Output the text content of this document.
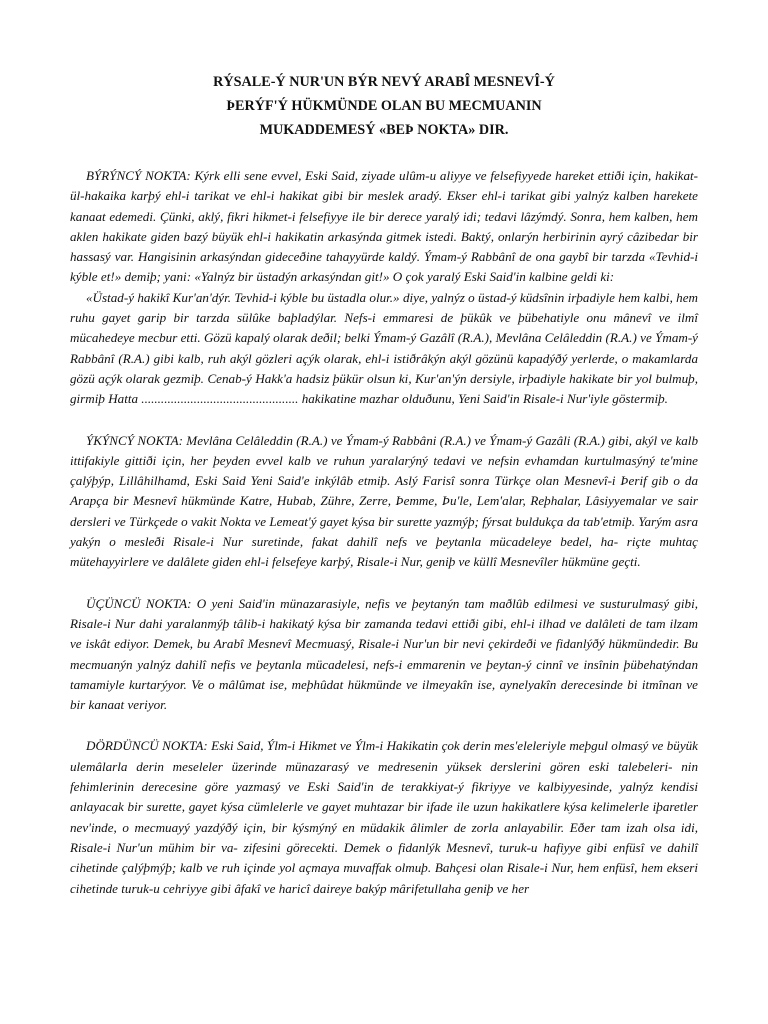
RÝSALE-Ý NUR'UN BÝR NEVÝ ARABÎ MESNEVÎ-Ý
ÞERÝF'Ý HÜKMÜNDE OLAN BU MECMUANIN
MUKADDEMESÝ «BEÞ NOKTA» DIR.

BÝRÝNCÝ NOKTA: Kýrk elli sene evvel, Eski Said, ziyade ulûm-u aliyye ve felsefiyyede hareket ettiði için, hakikat-ül-hakaika karþý ehl-i tarikat ve ehl-i hakikat gibi bir meslek aradý. Ekser ehl-i tarikat gibi yalnýz kalben harekete kanaat edemedi. Çünki, aklý, fikri hikmet-i felsefiyye ile bir derece yaralý idi; tedavi lâzýmdý. Sonra, hem kalben, hem aklen hakikate giden bazý büyük ehl-i hakikatin arkasýnda gitmek istedi. Baktý, onlarýn herbirinin ayrý câzibedar bir hassasý var. Hangisinin arkasýndan gideceðine tahayyürde kaldý. Ýmam-ý Rabbânî de ona gaybî bir tarzda «Tevhid-i kýble et!» demiþ; yani: «Yalnýz bir üstadýn arkasýndan git!» O çok yaralý Eski Said'in kalbine geldi ki:

«Üstad-ý hakikî Kur'an'dýr. Tevhid-i kýble bu üstadla olur.» diye, yalnýz o üstad-ý küdsînin irþadiyle hem kalbi, hem ruhu gayet garip bir tarzda sülûke baþladýlar. Nefs-i emmaresi de þükûk ve þübehatiyle onu mânevî ve ilmî mücahedeye mecbur etti. Gözü kapalý olarak deðil; belki Ýmam-ý Gazâlî (R.A.), Mevlâna Celâleddin (R.A.) ve Ýmam-ý Rabbânî (R.A.) gibi kalb, ruh akýl gözleri açýk olarak, ehl-i istiðrâkýn akýl gözünü kapadýðý yerlerde, o makamlarda gözü açýk olarak gezmiþ. Cenab-ý Hakk'a hadsiz þükür olsun ki, Kur'an'ýn dersiyle, irþadiyle hakikate bir yol bulmuþ, girmiþ Hatta ................................................ hakikatine mazhar olduðunu, Yeni Said'in Risale-i Nur'iyle göstermiþ.

ÝKÝNCÝ NOKTA: Mevlâna Celâleddin (R.A.) ve Ýmam-ý Rabbâni (R.A.) ve Ýmam-ý Gazâli (R.A.) gibi, akýl ve kalb ittifakiyle gittiði için, her þeyden evvel kalb ve ruhun yaralarýný tedavi ve nefsin evhamdan kurtulmasýný te'mine çalýþýp, Lillâhilhamd, Eski Said Yeni Said'e inkýlâb etmiþ. Aslý Farisî sonra Türkçe olan Mesnevî-i Þerif gib o da Arapça bir Mesnevî hükmünde Katre, Hubab, Zühre, Zerre, Þemme, Þu'le, Lem'alar, Reþhalar, Lâsiyyemalar ve sair dersleri ve Türkçede o vakit Nokta ve Lemeat'ý gayet kýsa bir surette yazmýþ; fýrsat buldukça da tab'etmiþ. Yarým asra yakýn o mesleði Risale-i Nur suretinde, fakat dahilî nefs ve þeytanla mücadeleye bedel, ha- riçte muhtaç mütehayyirlere ve dalâlete giden ehl-i felsefeye karþý, Risale-i Nur, geniþ ve küllî Mesnevîler hükmüne geçti.

ÜÇÜNCÜ NOKTA: O yeni Said'in münazarasiyle, nefis ve þeytanýn tam maðlûb edilmesi ve susturulmasý gibi, Risale-i Nur dahi yaralanmýþ tâlib-i hakikatý kýsa bir zamanda tedavi ettiði gibi, ehl-i ilhad ve dalâleti de tam ilzam ve iskât ediyor. Demek, bu Arabî Mesnevî Mecmuasý, Risale-i Nur'un bir nevi çekirdeði ve fidanlýðý hükmündedir. Bu mecmuanýn yalnýz dahilî nefis ve þeytanla mücadelesi, nefs-i emmarenin ve þeytan-ý cinnî ve insînin þübehatýndan tamamiyle kurtarýyor. Ve o mâlûmat ise, meþhûdat hükmünde ve ilmeyakîn ise, aynelyakîn derecesinde bi itmînan ve bir kanaat veriyor.

DÖRDÜNCÜ NOKTA: Eski Said, Ýlm-i Hikmet ve Ýlm-i Hakikatin çok derin mes'eleleriyle meþgul olmasý ve büyük ulemâlarla derin meseleler üzerinde münazarasý ve medresenin yüksek derslerini gören eski talebeleri- nin fehimlerinin derecesine göre yazmasý ve Eski Said'in de terakkiyat-ý fikriyye ve kalbiyyesinde, yalnýz kendisi anlayacak bir surette, gayet kýsa cümlelerle ve gayet muhtazar bir ifade ile uzun hakikatlere kýsa kelimelerle iþaretler nev'inde, o mecmuayý yazdýðý için, bir kýsmýný en müdakik âlimler de zorla anlayabilir. Eðer tam izah olsa idi, Risale-i Nur'un mühim bir va- zifesini görecekti. Demek o fidanlýk Mesnevî, turuk-u hafiyye gibi enfüsî ve dahilî cihetinde çalýþmýþ; kalb ve ruh içinde yol açmaya muvaffak olmuþ. Bahçesi olan Risale-i Nur, hem enfüsî, hem ekseri cihetinde turuk-u cehriyye gibi âfakî ve haricî daireye bakýp mârifetullaha geniþ ve her
